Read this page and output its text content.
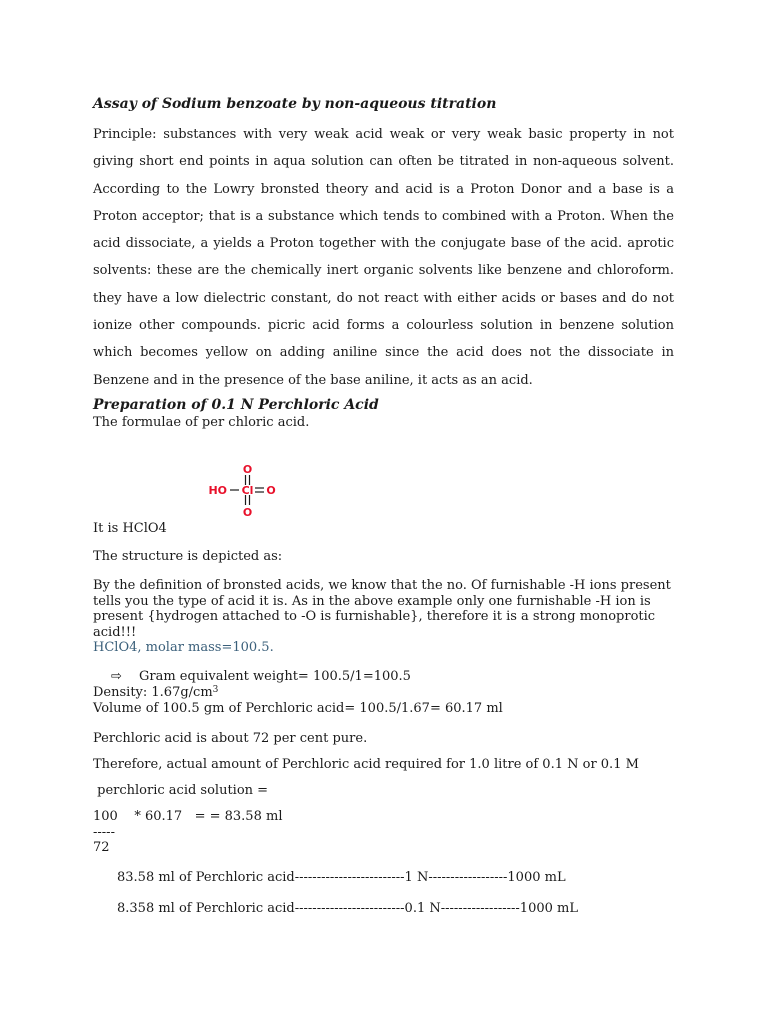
Assay of Sodium benzoate by non-aqueous titration

Principle: substances with very weak acid weak or very weak basic property in not giving short end points in aqua solution can often be titrated in non-aqueous solvent. According to the Lowry bronsted theory and acid is a Proton Donor and a base is a Proton acceptor; that is a substance which tends to combined with a Proton. When the acid dissociate, a yields a Proton together with the conjugate base of the acid. aprotic solvents: these are the chemically inert organic solvents like benzene and chloroform. they have a low dielectric constant, do not react with either acids or bases and do not ionize other compounds. picric acid forms a colourless solution in benzene solution which becomes yellow on adding aniline since the acid does not the dissociate in Benzene and in the presence of the base aniline, it acts as an acid.

Preparation of 0.1 N Perchloric Acid

The formulae of per chloric acid.

O
HO Cl O
O

It is HClO4

The structure is depicted as:

By the definition of bronsted acids, we know that the no. Of furnishable -H ions present tells you the type of acid it is. As in the above example only one furnishable -H ion is present {hydrogen attached to -O is furnishable}, therefore it is a strong monoprotic acid!!!

HClO4, molar mass=100.5.

⇨ Gram equivalent weight= 100.5/1=100.5

Density: $1.67g/cm^3$

Volume of 100.5 gm of Perchloric acid= 100.5/1.67= 60.17 ml

Perchloric acid is about 72 per cent pure.

Therefore, actual amount of Perchloric acid required for 1.0 litre of 0.1 N or 0.1 M

perchloric acid solution =

100    * 60.17   = = 83.58 ml

-----

72

83.58 ml of Perchloric acid-------------------------1 N------------------1000 mL

8.358 ml of Perchloric acid-------------------------0.1 N------------------1000 mL
